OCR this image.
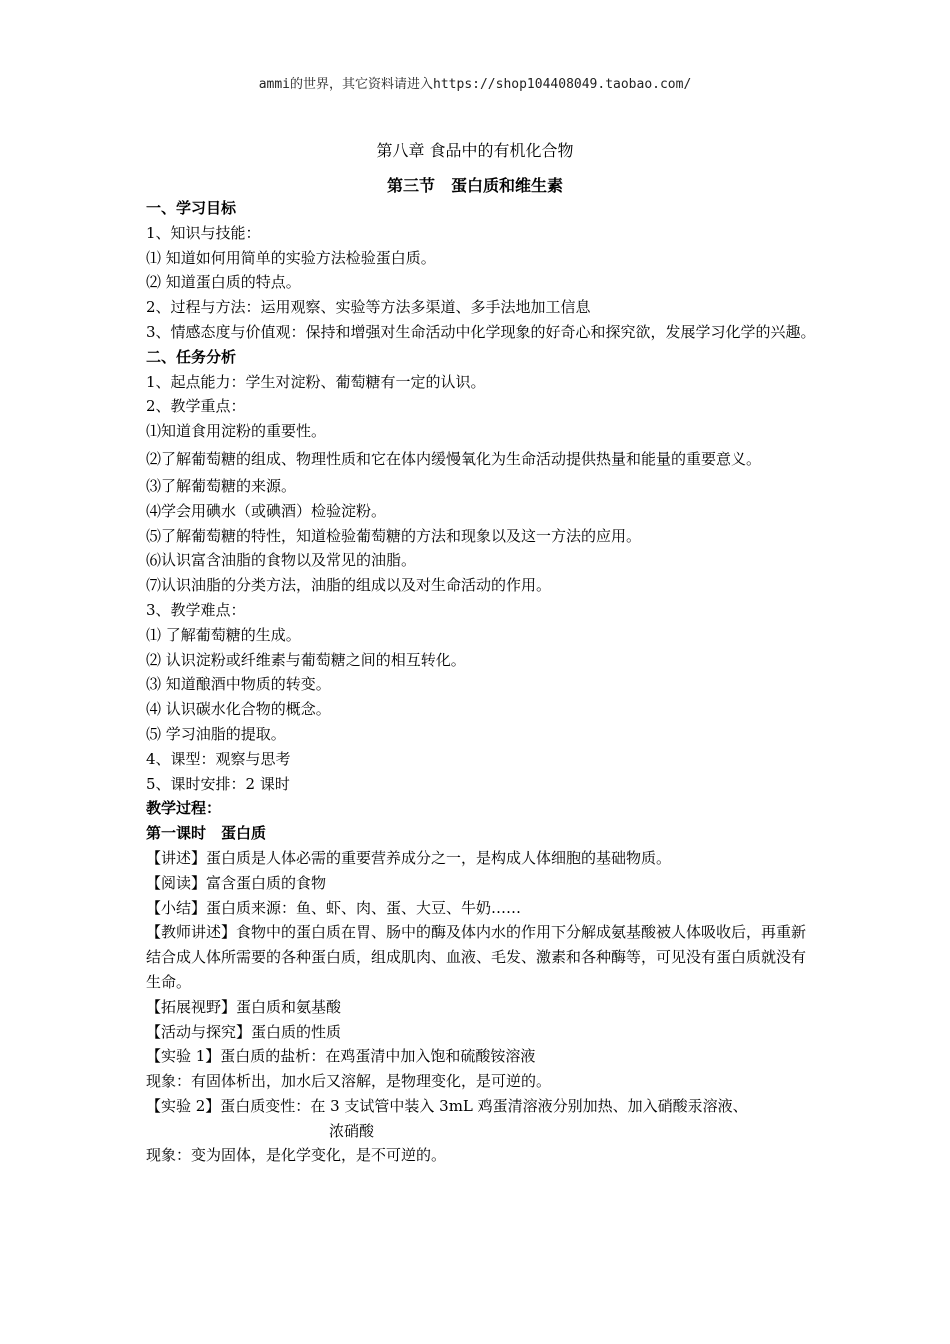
ammi的世界，其它资料请进入https://shop104408049.taobao.com/
第八章 食品中的有机化合物
第三节　蛋白质和维生素

一、学习目标

1、知识与技能：

⑴ 知道如何用简单的实验方法检验蛋白质。

⑵ 知道蛋白质的特点。

2、过程与方法：运用观察、实验等方法多渠道、多手法地加工信息

3、情感态度与价值观：保持和增强对生命活动中化学现象的好奇心和探究欲，发展学习化学的兴趣。

二、任务分析

1、起点能力：学生对淀粉、葡萄糖有一定的认识。

2、教学重点：

⑴知道食用淀粉的重要性。

⑵了解葡萄糖的组成、物理性质和它在体内缓慢氧化为生命活动提供热量和能量的重要意义。

⑶了解葡萄糖的来源。

⑷学会用碘水（或碘酒）检验淀粉。

⑸了解葡萄糖的特性，知道检验葡萄糖的方法和现象以及这一方法的应用。

⑹认识富含油脂的食物以及常见的油脂。

⑺认识油脂的分类方法，油脂的组成以及对生命活动的作用。

3、教学难点：

⑴ 了解葡萄糖的生成。

⑵ 认识淀粉或纤维素与葡萄糖之间的相互转化。

⑶ 知道酿酒中物质的转变。

⑷ 认识碳水化合物的概念。

⑸ 学习油脂的提取。

4、课型：观察与思考

5、课时安排：2 课时

教学过程：

第一课时　蛋白质

【讲述】蛋白质是人体必需的重要营养成分之一，是构成人体细胞的基础物质。

【阅读】富含蛋白质的食物

【小结】蛋白质来源：鱼、虾、肉、蛋、大豆、牛奶……

【教师讲述】食物中的蛋白质在胃、肠中的酶及体内水的作用下分解成氨基酸被人体吸收后，再重新结合成人体所需要的各种蛋白质，组成肌肉、血液、毛发、激素和各种酶等，可见没有蛋白质就没有生命。

【拓展视野】蛋白质和氨基酸

【活动与探究】蛋白质的性质

【实验 1】蛋白质的盐析：在鸡蛋清中加入饱和硫酸铵溶液

现象：有固体析出，加水后又溶解，是物理变化，是可逆的。

【实验 2】蛋白质变性：在 3 支试管中装入 3mL 鸡蛋清溶液分别加热、加入硝酸汞溶液、

浓硝酸

现象：变为固体，是化学变化，是不可逆的。
